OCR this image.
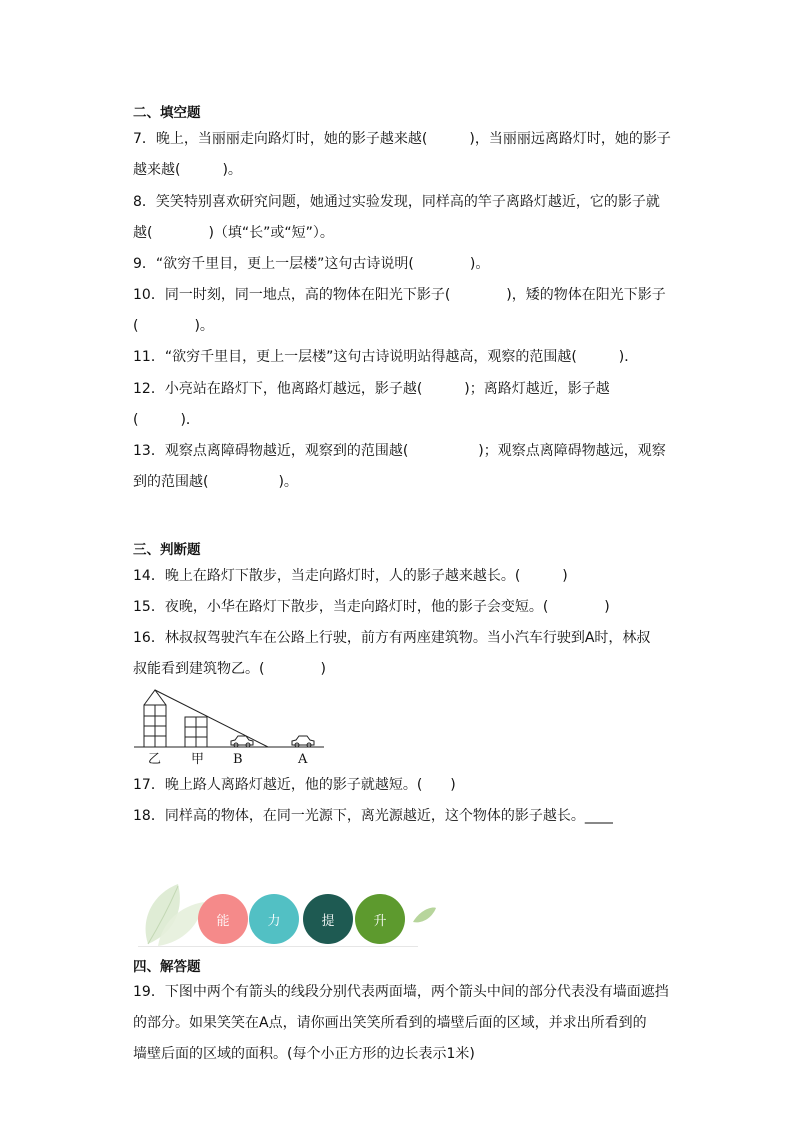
二、填空题
7．晚上，当丽丽走向路灯时，她的影子越来越(　　　)，当丽丽远离路灯时，她的影子
越来越(　　　)。
8．笑笑特别喜欢研究问题，她通过实验发现，同样高的竿子离路灯越近，它的影子就
越(　　　　)（填“长”或“短”）。
9．“欲穷千里目，更上一层楼”这句古诗说明(　　　　)。
10．同一时刻，同一地点，高的物体在阳光下影子(　　　　)，矮的物体在阳光下影子
(　　　　)。
11．“欲穷千里目，更上一层楼”这句古诗说明站得越高，观察的范围越(　　　)．
12．小亮站在路灯下，他离路灯越远，影子越(　　　)；离路灯越近，影子越
(　　　)．
13．观察点离障碍物越近，观察到的范围越(　　　　　)；观察点离障碍物越远，观察
到的范围越(　　　　　)。
三、判断题
14．晚上在路灯下散步，当走向路灯时，人的影子越来越长。(　　　)
15．夜晚，小华在路灯下散步，当走向路灯时，他的影子会变短。(　　　　)
16．林叔叔驾驶汽车在公路上行驶，前方有两座建筑物。当小汽车行驶到A时，林叔
叔能看到建筑物乙。(　　　　)
乙 甲 B	A
17．晚上路人离路灯越近，他的影子就越短。(　　)
18．同样高的物体，在同一光源下，离光源越近，这个物体的影子越长。____
能	力	提	升
四、解答题
19．下图中两个有箭头的线段分别代表两面墙，两个箭头中间的部分代表没有墙面遮挡
的部分。如果笑笑在A点，请你画出笑笑所看到的墙壁后面的区域，并求出所看到的
墙壁后面的区域的面积。(每个小正方形的边长表示1米)
